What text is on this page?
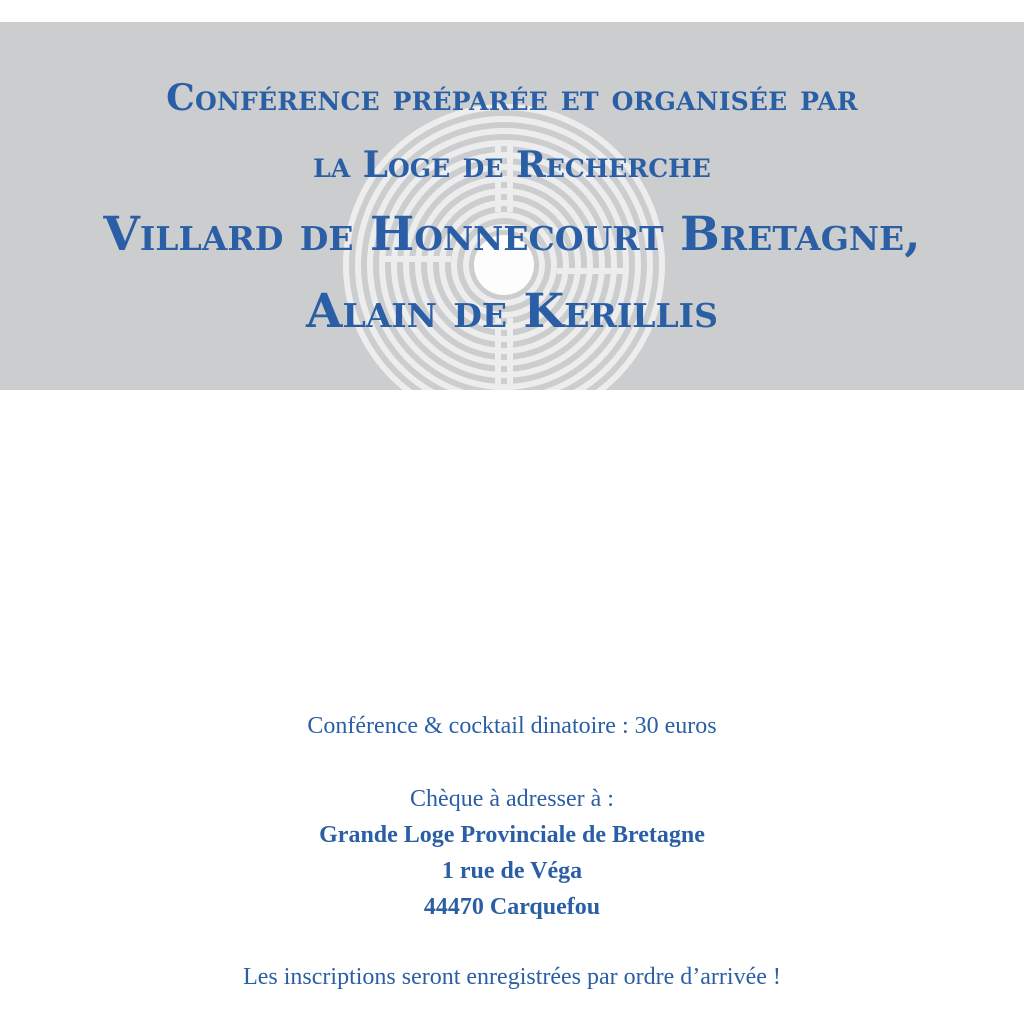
Conférence préparée et organisée par
la Loge de Recherche
Villard de Honnecourt Bretagne,
Alain de Kerillis
Conférence & cocktail dinatoire : 30 euros
Chèque à adresser à :
Grande Loge Provinciale de Bretagne
1 rue de Véga
44470 Carquefou
Les inscriptions seront enregistrées par ordre d’arrivée !
